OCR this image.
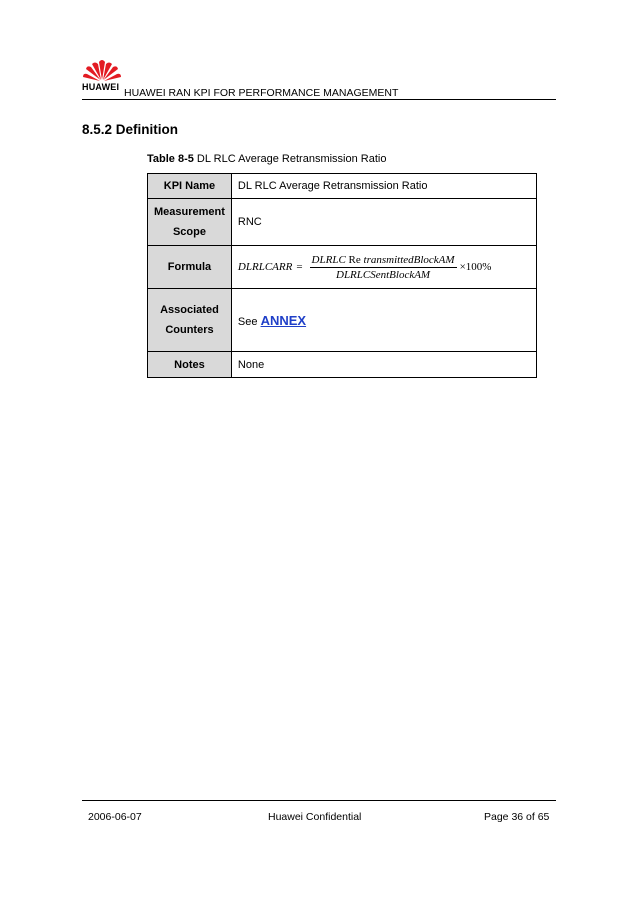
HUAWEI HUAWEI RAN KPI FOR PERFORMANCE MANAGEMENT
8.5.2 Definition
Table 8-5 DL RLC Average Retransmission Ratio
KPI Name	DL RLC Average Retransmission Ratio

Measurement
Scope	RNC
Formula	DLRLCARR = $\frac{\text{DLRLC Re transmittedBlockAM}}{\text{DLRLCSentBlockAM}} \times 100\%$

Associated
Counters	See ANNEX
Notes	None
2006-06-07	Huawei Confidential	Page 36 of 65
